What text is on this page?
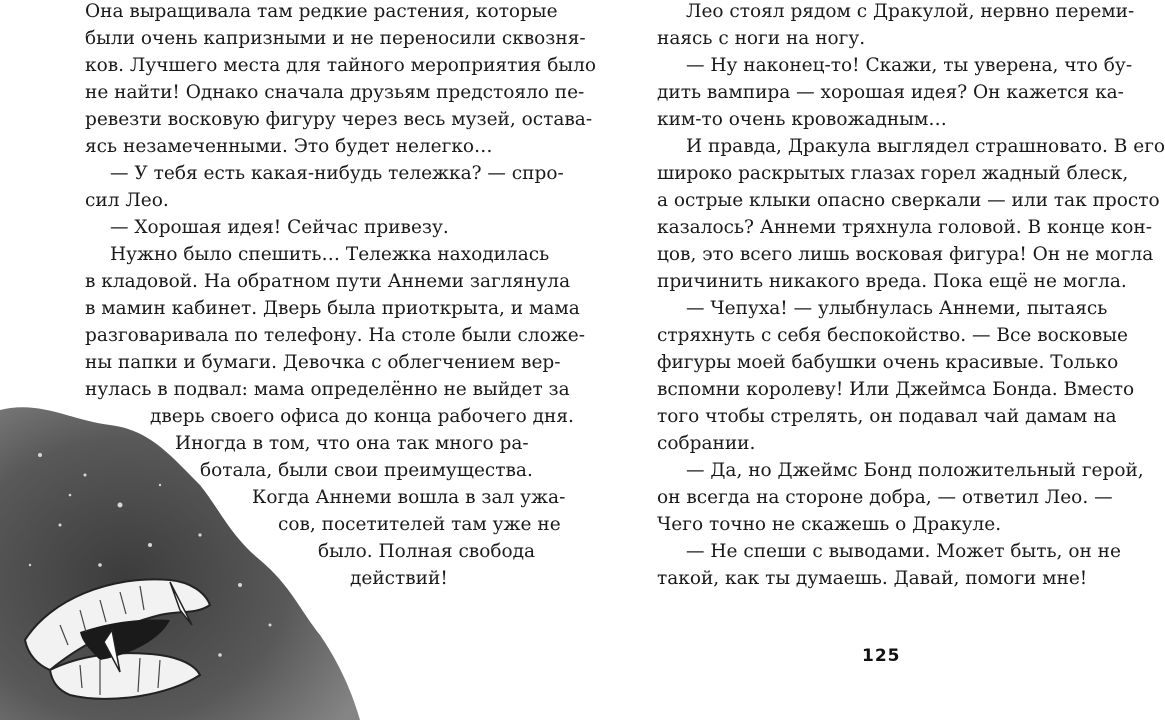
Она выращивала там редкие растения, которые
были очень капризными и не переносили сквозня-
ков. Лучшего места для тайного мероприятия было
не найти! Однако сначала друзьям предстояло пе-
ревезти восковую фигуру через весь музей, остава-
ясь незамеченными. Это будет нелегко…
— У тебя есть какая-нибудь тележка? — спро-
сил Лео.
— Хорошая идея! Сейчас привезу.
Нужно было спешить… Тележка находилась
в кладовой. На обратном пути Аннеми заглянула
в мамин кабинет. Дверь была приоткрыта, и мама
разговаривала по телефону. На столе были сложе-
ны папки и бумаги. Девочка с облегчением вер-
нулась в подвал: мама определённо не выйдет за
дверь своего офиса до конца рабочего дня.
Иногда в том, что она так много ра-
ботала, были свои преимущества.
Когда Аннеми вошла в зал ужа-
сов, посетителей там уже не
было. Полная свобода
действий!
Лео стоял рядом с Дракулой, нервно переми-
наясь с ноги на ногу.
— Ну наконец-то! Скажи, ты уверена, что бу-
дить вампира — хорошая идея? Он кажется ка-
ким-то очень кровожадным…
И правда, Дракула выглядел страшновато. В его
широко раскрытых глазах горел жадный блеск,
а острые клыки опасно сверкали — или так просто
казалось? Аннеми тряхнула головой. В конце кон-
цов, это всего лишь восковая фигура! Он не могла
причинить никакого вреда. Пока ещё не могла.
— Чепуха! — улыбнулась Аннеми, пытаясь
стряхнуть с себя беспокойство. — Все восковые
фигуры моей бабушки очень красивые. Только
вспомни королеву! Или Джеймса Бонда. Вместо
того чтобы стрелять, он подавал чай дамам на
собрании.
— Да, но Джеймс Бонд положительный герой,
он всегда на стороне добра, — ответил Лео. —
Чего точно не скажешь о Дракуле.
— Не спеши с выводами. Может быть, он не
такой, как ты думаешь. Давай, помоги мне!
125
